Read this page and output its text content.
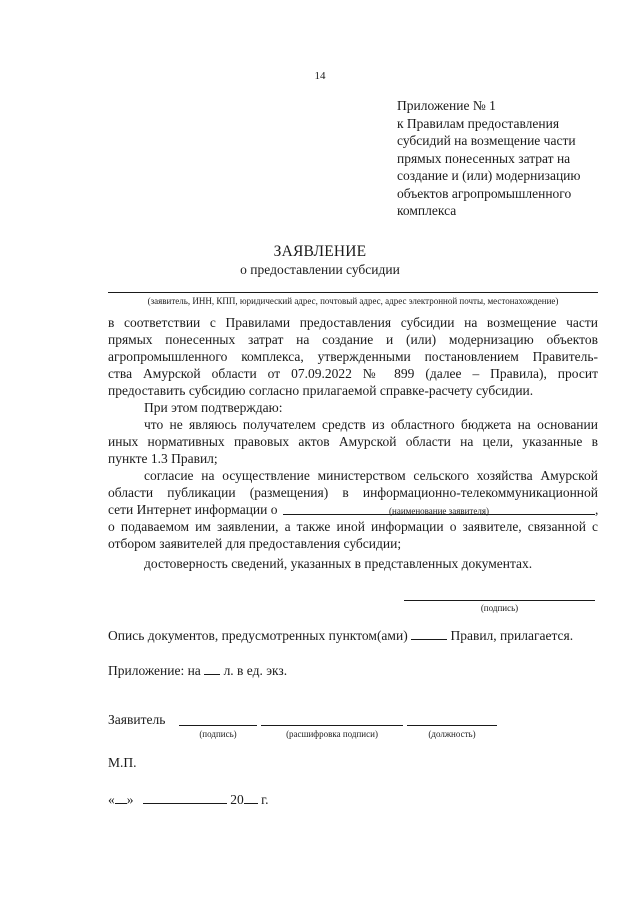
14
Приложение № 1
к Правилам предоставления
субсидий на возмещение части
прямых понесенных затрат на
создание и (или) модернизацию
объектов агропромышленного
комплекса
ЗАЯВЛЕНИЕ
о предоставлении субсидии
(заявитель, ИНН, КПП, юридический адрес, почтовый адрес, адрес электронной почты, местонахождение)
в соответствии с Правилами предоставления субсидии на возмещение части
прямых понесенных затрат на создание и (или) модернизацию объектов
агропромышленного комплекса, утвержденными постановлением Правитель-
ства Амурской области от 07.09.2022 № 899 (далее – Правила), просит
предоставить субсидию согласно прилагаемой справке-расчету субсидии.
При этом подтверждаю:
что не являюсь получателем средств из областного бюджета на основании
иных нормативных правовых актов Амурской области на цели, указанные в
пункте 1.3 Правил;
согласие на осуществление министерством сельского хозяйства Амурской
области публикации (размещения) в информационно-телекоммуникационной
сети Интернет информации о	,
(наименование заявителя)
о подаваемом им заявлении, а также иной информации о заявителе, связанной с
отбором заявителей для предоставления субсидии;
достоверность сведений, указанных в представленных документах.
(подпись)
Опись документов, предусмотренных пунктом(ами)	Правил, прилагается.
Приложение: на л. в ед. экз.
Заявитель
(подпись)	(расшифровка подписи)	(должность)
М.П.
« »	20 г.
